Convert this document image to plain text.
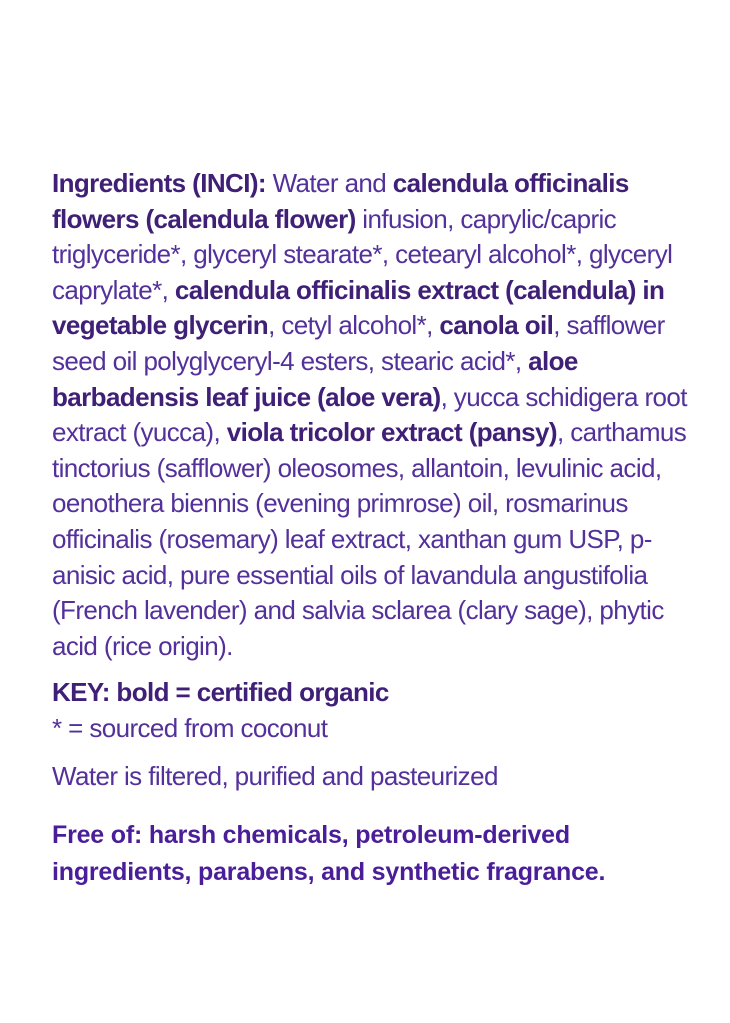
Ingredients (INCI): Water and calendula officinalis flowers (calendula flower) infusion, caprylic/capric triglyceride*, glyceryl stearate*, cetearyl alcohol*, glyceryl caprylate*, calendula officinalis extract (calendula) in vegetable glycerin, cetyl alcohol*, canola oil, safflower seed oil polyglyceryl-4 esters, stearic acid*, aloe barbadensis leaf juice (aloe vera), yucca schidigera root extract (yucca), viola tricolor extract (pansy), carthamus tinctorius (safflower) oleosomes, allantoin, levulinic acid, oenothera biennis (evening primrose) oil, rosmarinus officinalis (rosemary) leaf extract, xanthan gum USP, p-anisic acid, pure essential oils of lavandula angustifolia (French lavender) and salvia sclarea (clary sage), phytic acid (rice origin).

KEY: bold = certified organic

* = sourced from coconut

Water is filtered, purified and pasteurized

Free of: harsh chemicals, petroleum-derived ingredients, parabens, and synthetic fragrance.
